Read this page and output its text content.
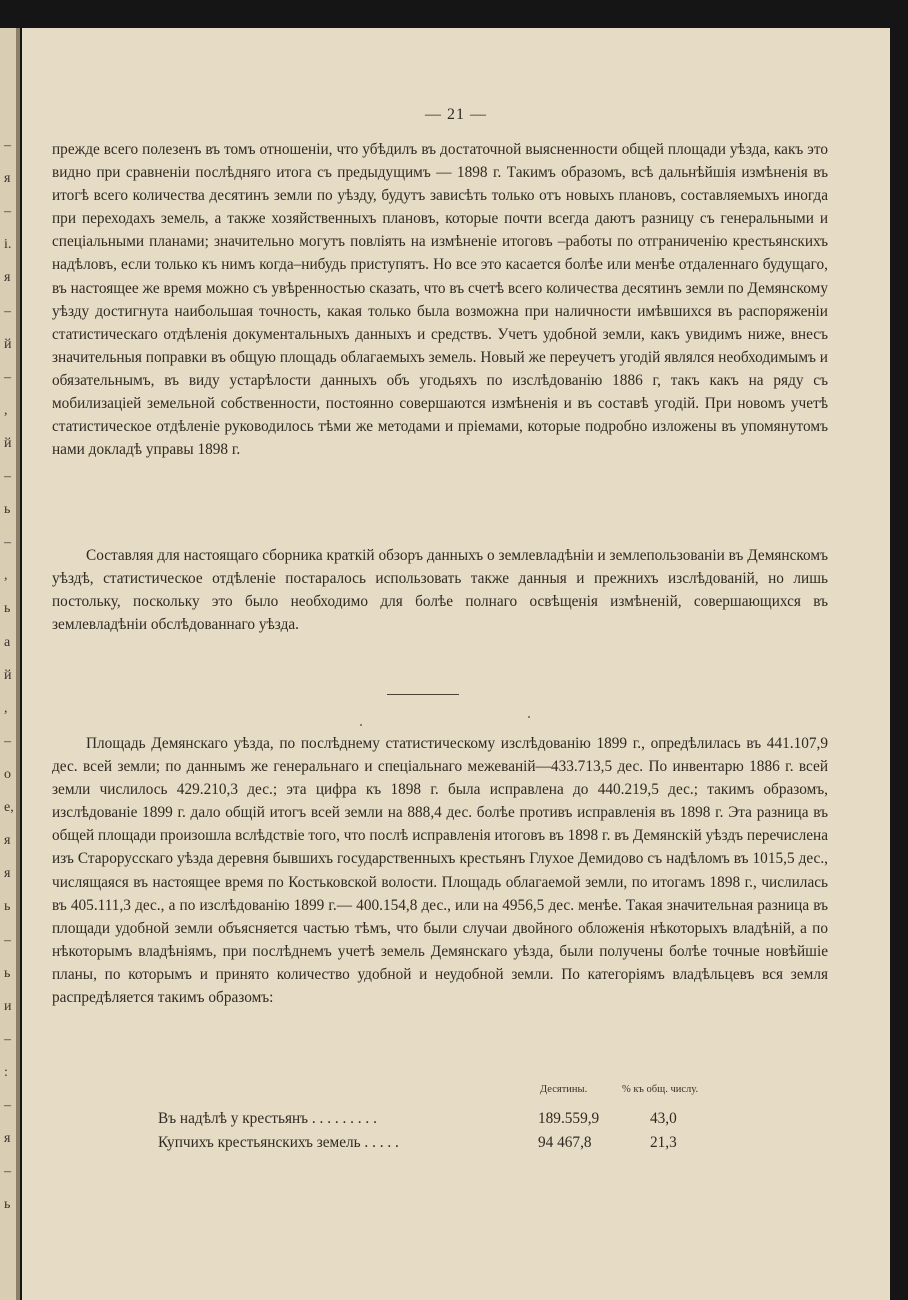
–
я
–
і.
я
–
й
–
,
й
–
ь
–
,
ь
а
й
,
–
о
е,
я
я
ь
–
ь
и
–
:
–
я
–
ь
— 21 —

прежде всего полезенъ въ томъ отношеніи, что убѣдилъ въ достаточной выясненности общей площади уѣзда, какъ это видно при сравненіи послѣдняго итога съ предыдущимъ — 1898 г. Такимъ образомъ, всѣ дальнѣйшія измѣненія въ итогѣ всего количества десятинъ земли по уѣзду, будутъ зависѣть только отъ новыхъ плановъ, составляемыхъ иногда при переходахъ земель, а также хозяйственныхъ плановъ, которые почти всегда даютъ разницу съ генеральными и спеціальными планами; значительно могутъ повліять на измѣненіе итоговъ –работы по отграниченію крестьянскихъ надѣловъ, если только къ нимъ когда–нибудь приступятъ. Но все это касается болѣе или менѣе отдаленнаго будущаго, въ настоящее же время можно съ увѣренностью сказать, что въ счетѣ всего количества десятинъ земли по Демянскому уѣзду достигнута наибольшая точность, какая только была возможна при наличности имѣвшихся въ распоряженіи статистическаго отдѣленія документальныхъ данныхъ и средствъ. Учетъ удобной земли, какъ увидимъ ниже, внесъ значительныя поправки въ общую площадь облагаемыхъ земель. Новый же переучетъ угодій являлся необходимымъ и обязательнымъ, въ виду устарѣлости данныхъ объ угодьяхъ по изслѣдованію 1886 г, такъ какъ на ряду съ мобилизаціей земельной собственности, постоянно совершаются измѣненія и въ составѣ угодій. При новомъ учетѣ статистическое отдѣленіе руководилось тѣми же методами и пріемами, которые подробно изложены въ упомянутомъ нами докладѣ управы 1898 г.

Составляя для настоящаго сборника краткій обзоръ данныхъ о землевладѣніи и землепользованіи въ Демянскомъ уѣздѣ, статистическое отдѣленіе постаралось использовать также данныя и прежнихъ изслѣдованій, но лишь постольку, поскольку это было необходимо для болѣе полнаго освѣщенія измѣненій, совершающихся въ землевладѣніи обслѣдованнаго уѣзда.

Площадь Демянскаго уѣзда, по послѣднему статистическому изслѣдованію 1899 г., опредѣлилась въ 441.107,9 дес. всей земли; по даннымъ же генеральнаго и спеціальнаго межеваній—433.713,5 дес. По инвентарю 1886 г. всей земли числилось 429.210,3 дес.; эта цифра къ 1898 г. была исправлена до 440.219,5 дес.; такимъ образомъ, изслѣдованіе 1899 г. дало общій итогъ всей земли на 888,4 дес. болѣе противъ исправленія въ 1898 г. Эта разница въ общей площади произошла вслѣдствіе того, что послѣ исправленія итоговъ въ 1898 г. въ Демянскій уѣздъ перечислена изъ Старорусскаго уѣзда деревня бывшихъ государственныхъ крестьянъ Глухое Демидово съ надѣломъ въ 1015,5 дес., числящаяся въ настоящее время по Костьковской волости. Площадь облагаемой земли, по итогамъ 1898 г., числилась въ 405.111,3 дес., а по изслѣдованію 1899 г.— 400.154,8 дес., или на 4956,5 дес. менѣе. Такая значительная разница въ площади удобной земли объясняется частью тѣмъ, что были случаи двойного обложенія нѣкоторыхъ владѣній, а по нѣкоторымъ владѣніямъ, при послѣднемъ учетѣ земель Демянскаго уѣзда, были получены болѣе точные новѣйшіе планы, по которымъ и принято количество удобной и неудобной земли. По категоріямъ владѣльцевъ вся земля распредѣляется такимъ образомъ:

Десятины.	% къ общ. числу.
Въ надѣлѣ у крестьянъ . . . . . . . . .	189.559,9	43,0
Купчихъ крестьянскихъ земель . . . . .	94 467,8	21,3
